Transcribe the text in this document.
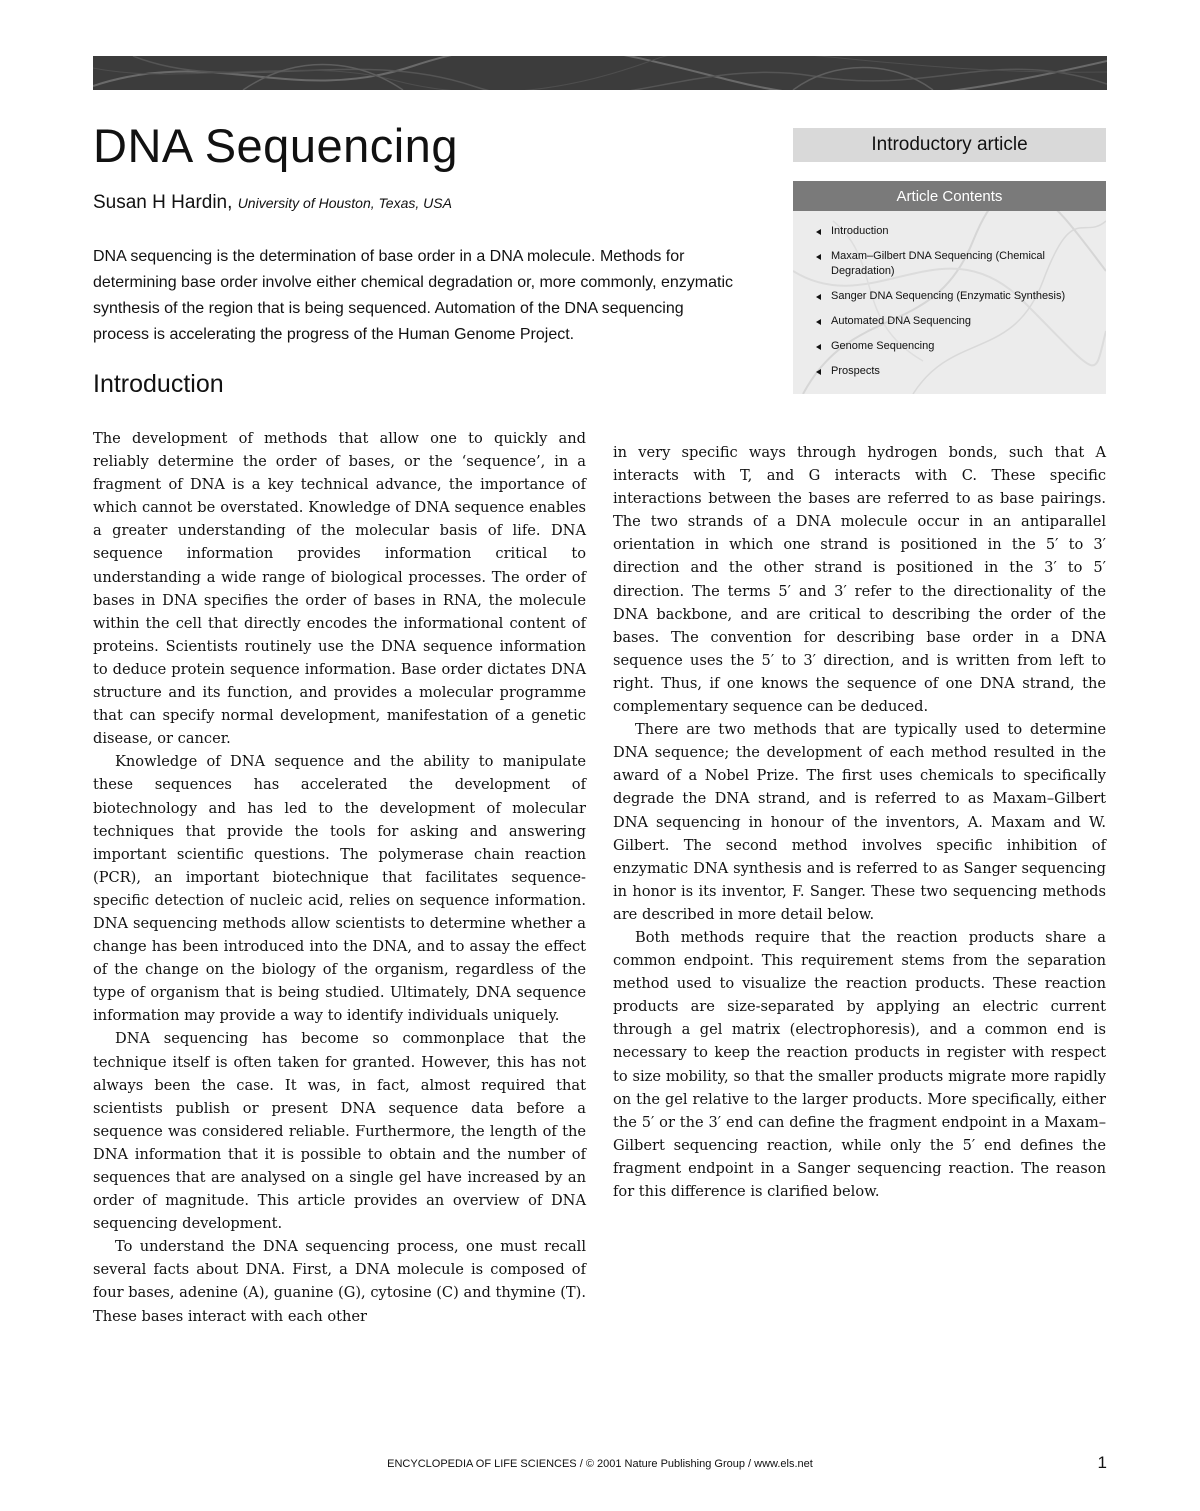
DNA Sequencing
Susan H Hardin, University of Houston, Texas, USA

DNA sequencing is the determination of base order in a DNA molecule. Methods for determining base order involve either chemical degradation or, more commonly, enzymatic synthesis of the region that is being sequenced. Automation of the DNA sequencing process is accelerating the progress of the Human Genome Project.

Introduction
Introductory article
Article Contents
Introduction
Maxam–Gilbert DNA Sequencing (Chemical Degradation)
Sanger DNA Sequencing (Enzymatic Synthesis)
Automated DNA Sequencing
Genome Sequencing
Prospects

The development of methods that allow one to quickly and reliably determine the order of bases, or the ‘sequence’, in a fragment of DNA is a key technical advance, the importance of which cannot be overstated. Knowledge of DNA sequence enables a greater understanding of the molecular basis of life. DNA sequence information provides information critical to understanding a wide range of biological processes. The order of bases in DNA specifies the order of bases in RNA, the molecule within the cell that directly encodes the informational content of proteins. Scientists routinely use the DNA sequence information to deduce protein sequence information. Base order dictates DNA structure and its function, and provides a molecular programme that can specify normal development, manifestation of a genetic disease, or cancer.

Knowledge of DNA sequence and the ability to manipulate these sequences has accelerated the development of biotechnology and has led to the development of molecular techniques that provide the tools for asking and answering important scientific questions. The polymerase chain reaction (PCR), an important biotechnique that facilitates sequence-specific detection of nucleic acid, relies on sequence information. DNA sequencing methods allow scientists to determine whether a change has been introduced into the DNA, and to assay the effect of the change on the biology of the organism, regardless of the type of organism that is being studied. Ultimately, DNA sequence information may provide a way to identify individuals uniquely.

DNA sequencing has become so commonplace that the technique itself is often taken for granted. However, this has not always been the case. It was, in fact, almost required that scientists publish or present DNA sequence data before a sequence was considered reliable. Furthermore, the length of the DNA information that it is possible to obtain and the number of sequences that are analysed on a single gel have increased by an order of magnitude. This article provides an overview of DNA sequencing development.

To understand the DNA sequencing process, one must recall several facts about DNA. First, a DNA molecule is composed of four bases, adenine (A), guanine (G), cytosine (C) and thymine (T). These bases interact with each other

in very specific ways through hydrogen bonds, such that A interacts with T, and G interacts with C. These specific interactions between the bases are referred to as base pairings. The two strands of a DNA molecule occur in an antiparallel orientation in which one strand is positioned in the 5′ to 3′ direction and the other strand is positioned in the 3′ to 5′ direction. The terms 5′ and 3′ refer to the directionality of the DNA backbone, and are critical to describing the order of the bases. The convention for describing base order in a DNA sequence uses the 5′ to 3′ direction, and is written from left to right. Thus, if one knows the sequence of one DNA strand, the complementary sequence can be deduced.

There are two methods that are typically used to determine DNA sequence; the development of each method resulted in the award of a Nobel Prize. The first uses chemicals to specifically degrade the DNA strand, and is referred to as Maxam–Gilbert DNA sequencing in honour of the inventors, A. Maxam and W. Gilbert. The second method involves specific inhibition of enzymatic DNA synthesis and is referred to as Sanger sequencing in honor is its inventor, F. Sanger. These two sequencing methods are described in more detail below.

Both methods require that the reaction products share a common endpoint. This requirement stems from the separation method used to visualize the reaction products. These reaction products are size-separated by applying an electric current through a gel matrix (electrophoresis), and a common end is necessary to keep the reaction products in register with respect to size mobility, so that the smaller products migrate more rapidly on the gel relative to the larger products. More specifically, either the 5′ or the 3′ end can define the fragment endpoint in a Maxam–Gilbert sequencing reaction, while only the 5′ end defines the fragment endpoint in a Sanger sequencing reaction. The reason for this difference is clarified below.

ENCYCLOPEDIA OF LIFE SCIENCES / © 2001 Nature Publishing Group / www.els.net	1
